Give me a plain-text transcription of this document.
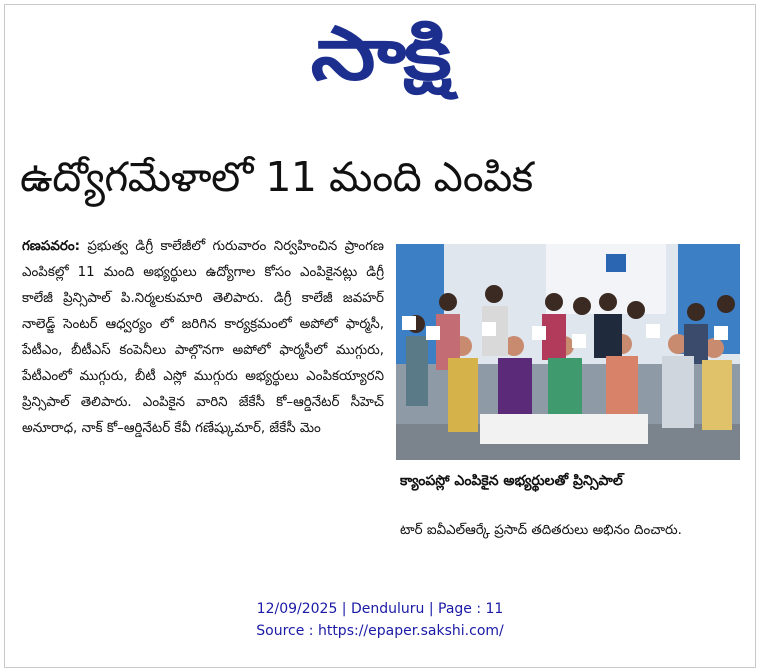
సాక్షి
ఉద్యోగమేళాలో 11 మంది ఎంపిక
గణపవరం: ప్రభుత్వ డిగ్రీ కాలేజీలో గురువారం నిర్వహించిన ప్రాంగణ ఎంపికల్లో 11 మంది అభ్యర్థులు ఉద్యోగాల కోసం ఎంపికైనట్లు డిగ్రీ కాలేజీ ప్రిన్సిపాల్ పి.నిర్మలకుమారి తెలిపారు. డిగ్రీ కాలేజీ జవహర్ నాలెడ్జ్ సెంటర్ ఆధ్వర్యం లో జరిగిన కార్యక్రమంలో అపోలో ఫార్మసీ, పేటీఎం, బీటీఎస్ కంపెనీలు పాల్గొనగా అపోలో ఫార్మసీలో ముగ్గురు, పేటీఎంలో ముగ్గురు, బీటీ ఎస్లో ముగ్గురు అభ్యర్థులు ఎంపికయ్యారని ప్రిన్సిపాల్ తెలిపారు. ఎంపికైన వారిని జేకేసీ కో–ఆర్డినేటర్ సీహెచ్ అనూరాధ, నాక్ కో–ఆర్డినేటర్ కేవీ గణేష్కుమార్, జేకేసీ మెం
క్యాంపస్లో ఎంపికైన అభ్యర్థులతో ప్రిన్సిపాల్
టార్ ఐవీఎల్ఆర్కే ప్రసాద్ తదితరులు అభినం దించారు.
12/09/2025 | Denduluru | Page : 11
Source : https://epaper.sakshi.com/
